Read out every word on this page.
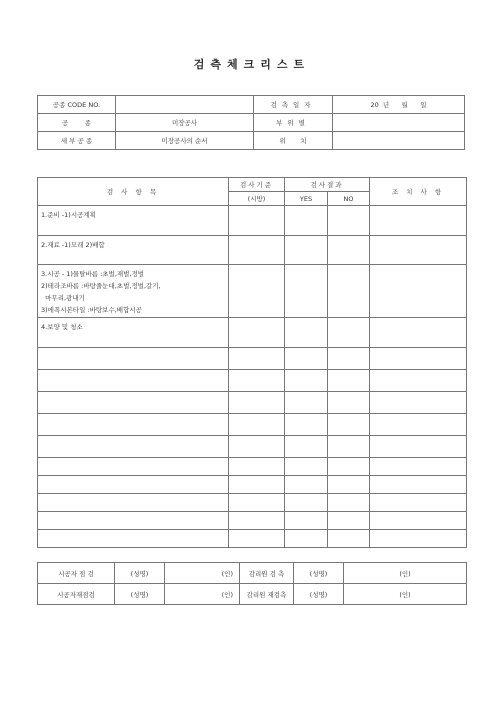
검측체크리스트
공종 CODE NO.		검측일자	20  년      월      일
공        종	미장공사	부위별	
세 부 공 종	미장공사의 순서	위       치	
검 사 항 목	검사기준	검사결과		조 치 사 항
	(시방)	YES	NO	

1.준비 -1)시공계획				

2.재료 -1)모래 2)배합				

3.시공 - 1)물탈바름 :초벌,재벌,정벌
2)테라조바름 :바탕줄눈대,초벌,정벌,갈기,
마무리,광내기
3)에폭시본타일 :바탕보수,배합시공				

4.보양 및 청소				

시공자 점 검	(성명)	(인)	감리원 검 측	(성명)	(인)
시공자재점검	(성명)	(인)	감리원 재검측	(성명)	(인)
